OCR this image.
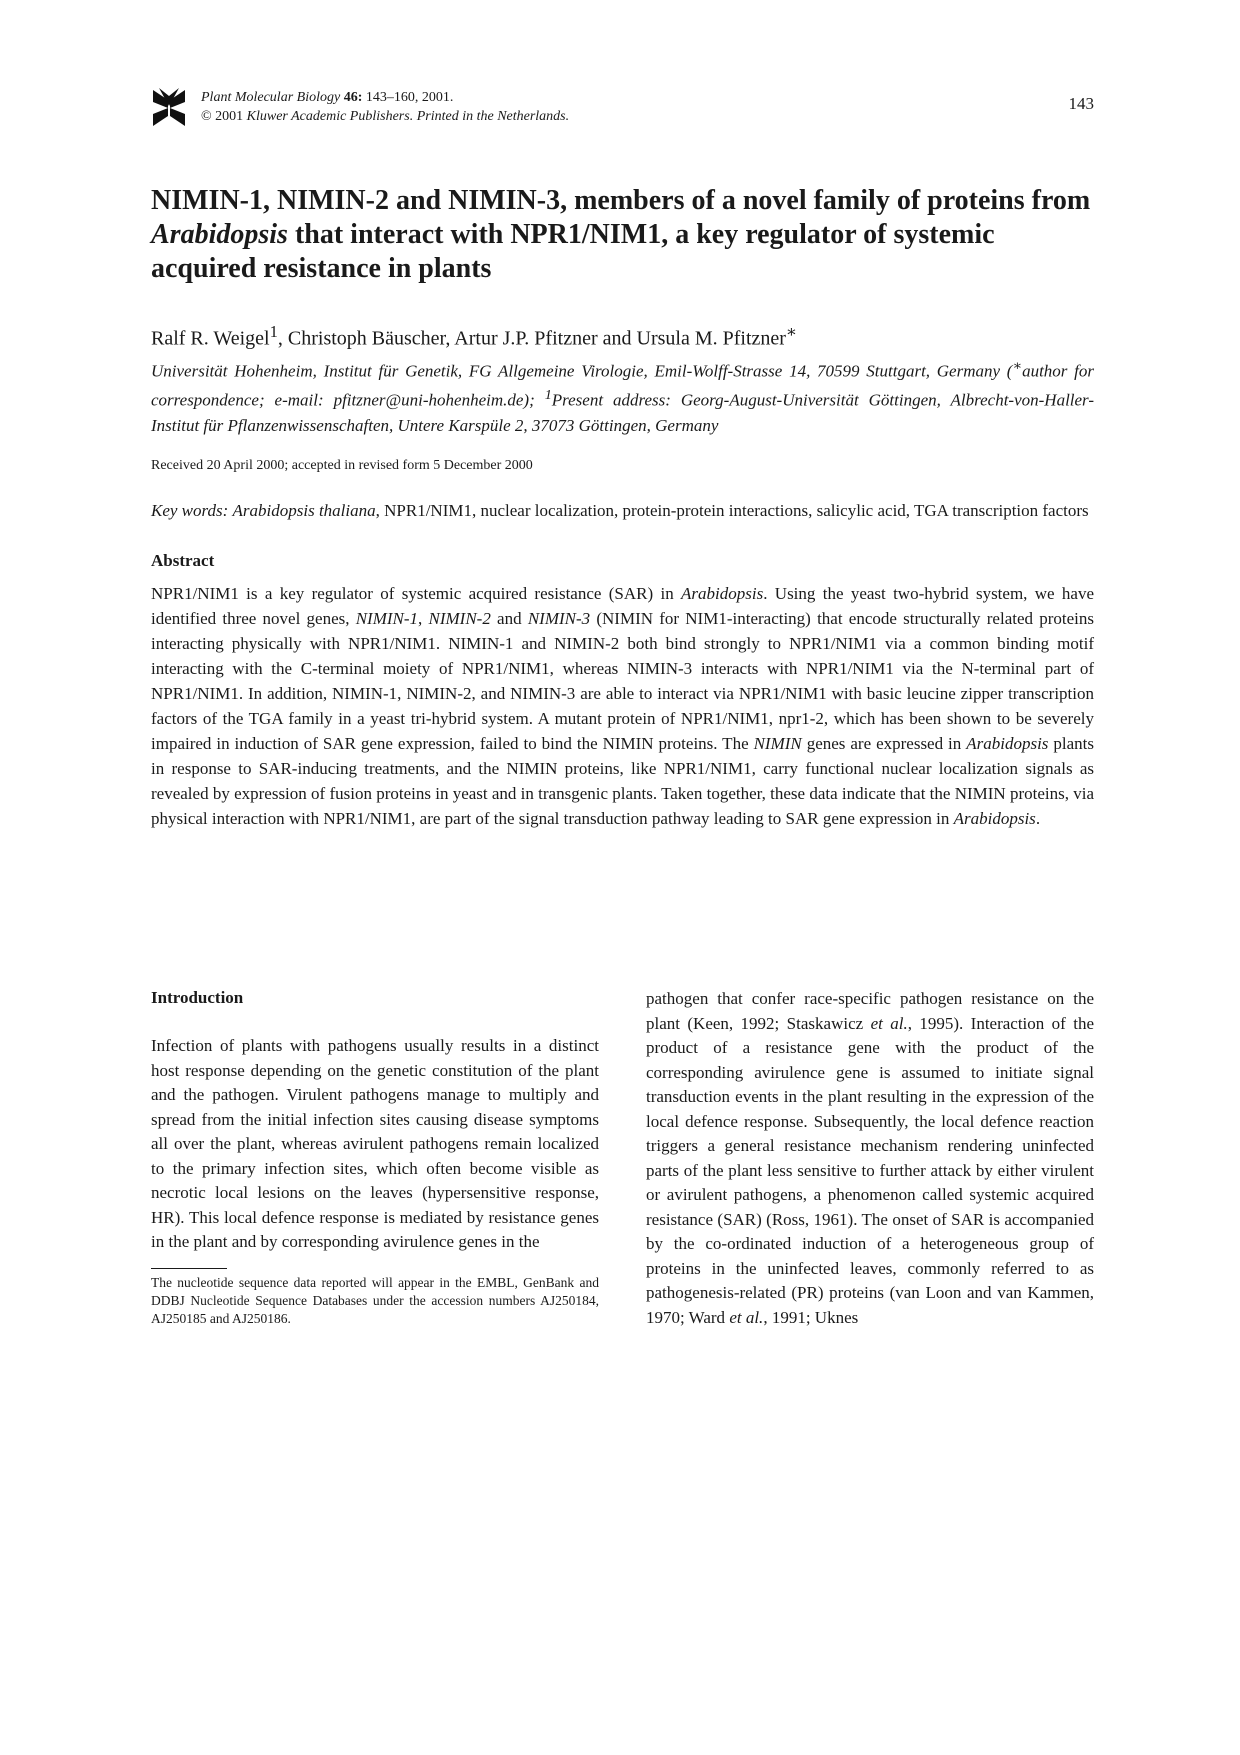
Plant Molecular Biology 46: 143–160, 2001.
© 2001 Kluwer Academic Publishers. Printed in the Netherlands.
143
NIMIN-1, NIMIN-2 and NIMIN-3, members of a novel family of proteins from Arabidopsis that interact with NPR1/NIM1, a key regulator of systemic acquired resistance in plants
Ralf R. Weigel$^1$, Christoph Bäuscher, Artur J.P. Pfitzner and Ursula M. Pfitzner∗
Universität Hohenheim, Institut für Genetik, FG Allgemeine Virologie, Emil-Wolff-Strasse 14, 70599 Stuttgart, Germany (∗author for correspondence; e-mail: pfitzner@uni-hohenheim.de); $^1$Present address: Georg-August-Universität Göttingen, Albrecht-von-Haller-Institut für Pflanzenwissenschaften, Untere Karspüle 2, 37073 Göttingen, Germany
Received 20 April 2000; accepted in revised form 5 December 2000
Key words: Arabidopsis thaliana, NPR1/NIM1, nuclear localization, protein-protein interactions, salicylic acid, TGA transcription factors
Abstract
NPR1/NIM1 is a key regulator of systemic acquired resistance (SAR) in Arabidopsis. Using the yeast two-hybrid system, we have identified three novel genes, NIMIN-1, NIMIN-2 and NIMIN-3 (NIMIN for NIM1-interacting) that encode structurally related proteins interacting physically with NPR1/NIM1. NIMIN-1 and NIMIN-2 both bind strongly to NPR1/NIM1 via a common binding motif interacting with the C-terminal moiety of NPR1/NIM1, whereas NIMIN-3 interacts with NPR1/NIM1 via the N-terminal part of NPR1/NIM1. In addition, NIMIN-1, NIMIN-2, and NIMIN-3 are able to interact via NPR1/NIM1 with basic leucine zipper transcription factors of the TGA family in a yeast tri-hybrid system. A mutant protein of NPR1/NIM1, npr1-2, which has been shown to be severely impaired in induction of SAR gene expression, failed to bind the NIMIN proteins. The NIMIN genes are expressed in Arabidopsis plants in response to SAR-inducing treatments, and the NIMIN proteins, like NPR1/NIM1, carry functional nuclear localization signals as revealed by expression of fusion proteins in yeast and in transgenic plants. Taken together, these data indicate that the NIMIN proteins, via physical interaction with NPR1/NIM1, are part of the signal transduction pathway leading to SAR gene expression in Arabidopsis.
Introduction
Infection of plants with pathogens usually results in a distinct host response depending on the genetic constitution of the plant and the pathogen. Virulent pathogens manage to multiply and spread from the initial infection sites causing disease symptoms all over the plant, whereas avirulent pathogens remain localized to the primary infection sites, which often become visible as necrotic local lesions on the leaves (hypersensitive response, HR). This local defence response is mediated by resistance genes in the plant and by corresponding avirulence genes in the
The nucleotide sequence data reported will appear in the EMBL, GenBank and DDBJ Nucleotide Sequence Databases under the accession numbers AJ250184, AJ250185 and AJ250186.
pathogen that confer race-specific pathogen resistance on the plant (Keen, 1992; Staskawicz et al., 1995). Interaction of the product of a resistance gene with the product of the corresponding avirulence gene is assumed to initiate signal transduction events in the plant resulting in the expression of the local defence response. Subsequently, the local defence reaction triggers a general resistance mechanism rendering uninfected parts of the plant less sensitive to further attack by either virulent or avirulent pathogens, a phenomenon called systemic acquired resistance (SAR) (Ross, 1961). The onset of SAR is accompanied by the co-ordinated induction of a heterogeneous group of proteins in the uninfected leaves, commonly referred to as pathogenesis-related (PR) proteins (van Loon and van Kammen, 1970; Ward et al., 1991; Uknes
